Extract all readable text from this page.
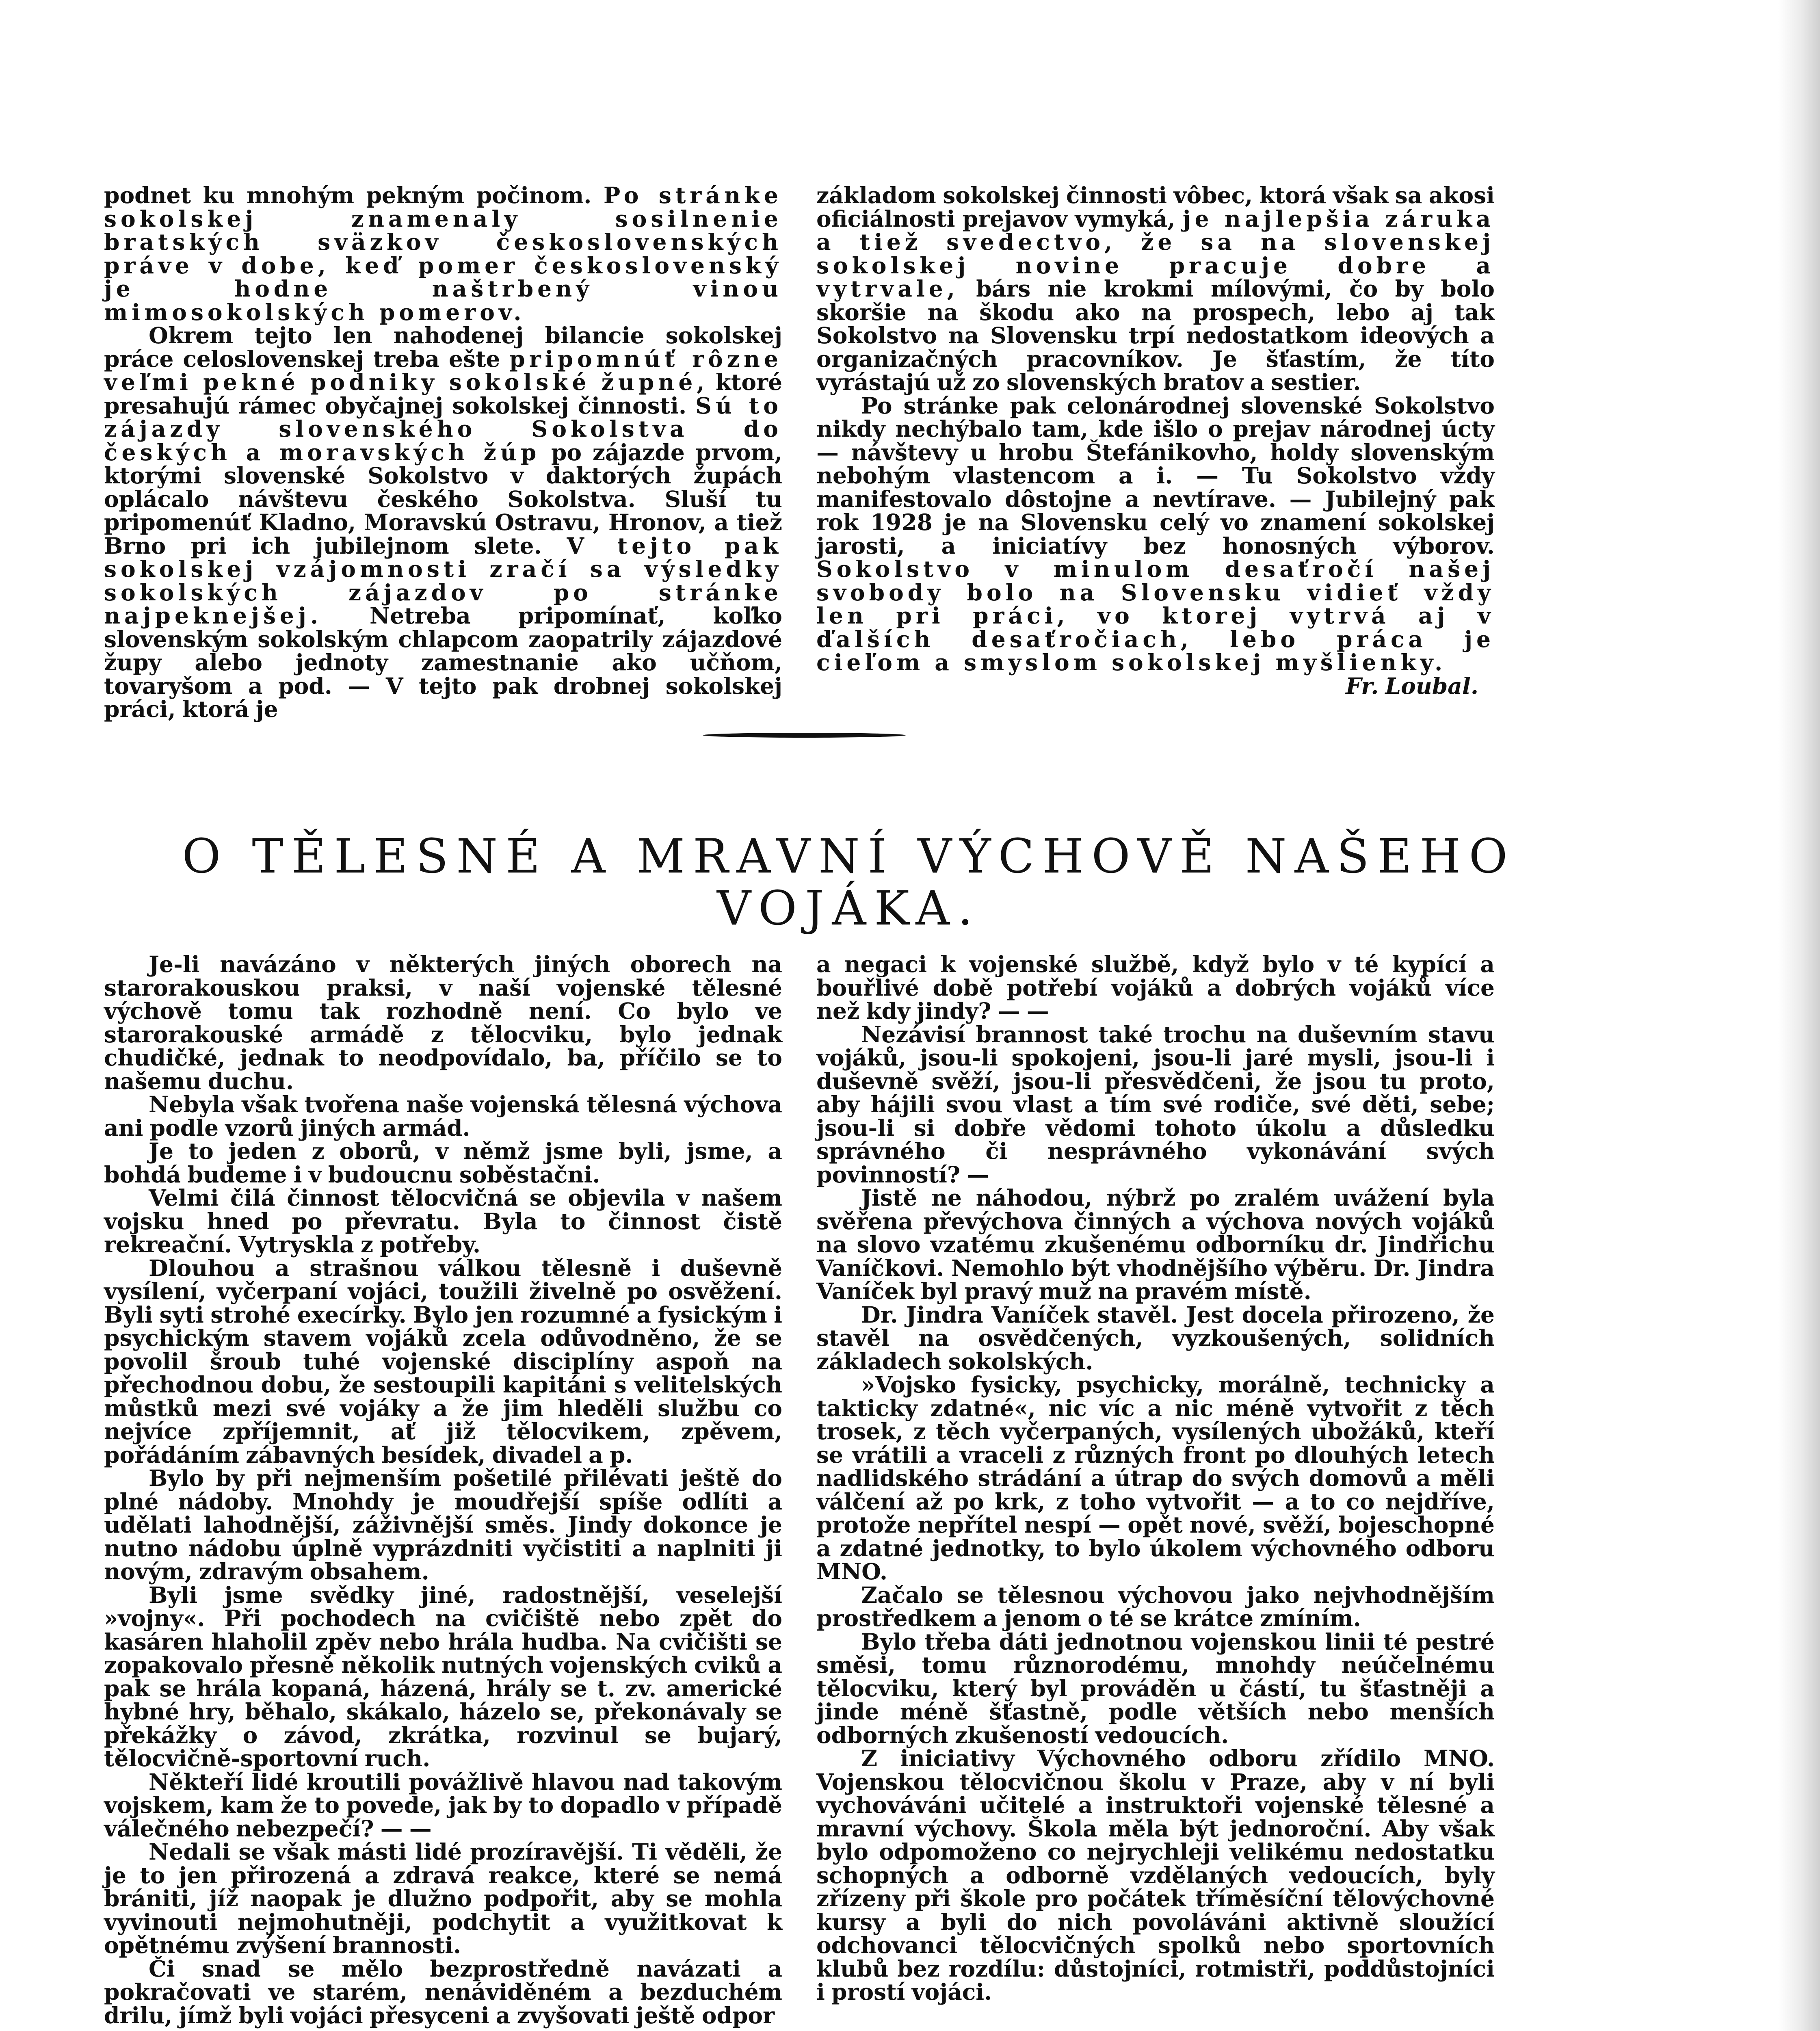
podnet ku mnohým pekným počinom. Po stránke sokolskej znamenaly sosilnenie bratských sväzkov československých práve v dobe, keď pomer československý je hodne naštrbený vinou mimosokolských pomerov.

Okrem tejto len nahodenej bilancie sokolskej práce celoslovenskej treba ešte pripomnúť rôzne veľmi pekné podniky sokolské župné, ktoré presahujú rámec obyčajnej sokolskej činnosti. Sú to zájazdy slovenského Sokolstva do českých a moravských žúp po zájazde prvom, ktorými slovenské Sokolstvo v daktorých župách oplácalo návštevu českého Sokolstva. Sluší tu pripomenúť Kladno, Moravskú Ostravu, Hronov, a tiež Brno pri ich jubilejnom slete. V tejto pak sokolskej vzájomnosti zračí sa výsledky sokolských zájazdov po stránke najpeknejšej. Netreba pripomínať, koľko slovenským sokolským chlapcom zaopatrily zájazdové župy alebo jednoty zamestnanie ako učňom, tovaryšom a pod. — V tejto pak drobnej sokolskej práci, ktorá je

základom sokolskej činnosti vôbec, ktorá však sa akosi oficiálnosti prejavov vymyká, je najlepšia záruka a tiež svedectvo, že sa na slovenskej sokolskej novine pracuje dobre a vytrvale, bárs nie krokmi mílovými, čo by bolo skoršie na škodu ako na prospech, lebo aj tak Sokolstvo na Slovensku trpí nedostatkom ideových a organizačných pracovníkov. Je šťastím, že títo vyrástajú už zo slovenských bratov a sestier.

Po stránke pak celonárodnej slovenské Sokolstvo nikdy nechýbalo tam, kde išlo o prejav národnej úcty — návštevy u hrobu Štefánikovho, holdy slovenským nebohým vlastencom a i. — Tu Sokolstvo vždy manifestovalo dôstojne a nevtírave. — Jubilejný pak rok 1928 je na Slovensku celý vo znamení sokolskej jarosti, a iniciatívy bez honosných výborov. Sokolstvo v minulom desaťročí našej svobody bolo na Slovensku vidieť vždy len pri práci, vo ktorej vytrvá aj v ďalších desaťročiach, lebo práca je cieľom a smyslom sokolskej myšlienky.

Fr. Loubal.

O TĚLESNÉ A MRAVNÍ VÝCHOVĚ NAŠEHO VOJÁKA.

Je-li navázáno v některých jiných oborech na starorakouskou praksi, v naší vojenské tělesné výchově tomu tak rozhodně není. Co bylo ve starorakouské armádě z tělocviku, bylo jednak chudičké, jednak to neodpovídalo, ba, příčilo se to našemu duchu.

Nebyla však tvořena naše vojenská tělesná výchova ani podle vzorů jiných armád.

Je to jeden z oborů, v němž jsme byli, jsme, a bohdá budeme i v budoucnu soběstačni.

Velmi čilá činnost tělocvičná se objevila v našem vojsku hned po převratu. Byla to činnost čistě rekreační. Vytryskla z potřeby.

Dlouhou a strašnou válkou tělesně i duševně vysílení, vyčerpaní vojáci, toužili živelně po osvěžení. Byli syti strohé execírky. Bylo jen rozumné a fysickým i psychickým stavem vojáků zcela odůvodněno, že se povolil šroub tuhé vojenské disciplíny aspoň na přechodnou dobu, že sestoupili kapitáni s velitelských můstků mezi své vojáky a že jim hleděli službu co nejvíce zpříjemnit, ať již tělocvikem, zpěvem, pořádáním zábavných besídek, divadel a p.

Bylo by při nejmenším pošetilé přilévati ještě do plné nádoby. Mnohdy je moudřejší spíše odlíti a udělati lahodnější, záživnější směs. Jindy dokonce je nutno nádobu úplně vyprázdniti vyčistiti a naplniti ji novým, zdravým obsahem.

Byli jsme svědky jiné, radostnější, veselejší »vojny«. Při pochodech na cvičiště nebo zpět do kasáren hlaholil zpěv nebo hrála hudba. Na cvičišti se zopakovalo přesně několik nutných vojenských cviků a pak se hrála kopaná, házená, hrály se t. zv. americké hybné hry, běhalo, skákalo, házelo se, překonávaly se překážky o závod, zkrátka, rozvinul se bujarý, tělocvičně-sportovní ruch.

Někteří lidé kroutili povážlivě hlavou nad takovým vojskem, kam že to povede, jak by to dopadlo v případě válečného nebezpečí? — —

Nedali se však másti lidé prozíravější. Ti věděli, že je to jen přirozená a zdravá reakce, které se nemá brániti, jíž naopak je dlužno podpořit, aby se mohla vyvinouti nejmohutněji, podchytit a využitkovat k opětnému zvýšení brannosti.

Či snad se mělo bezprostředně navázati a pokračovati ve starém, nenáviděném a bezduchém drilu, jímž byli vojáci přesyceni a zvyšovati ještě odpor

a negaci k vojenské službě, když bylo v té kypící a bouřlivé době potřebí vojáků a dobrých vojáků více než kdy jindy? — —

Nezávisí brannost také trochu na duševním stavu vojáků, jsou-li spokojeni, jsou-li jaré mysli, jsou-li i duševně svěží, jsou-li přesvědčeni, že jsou tu proto, aby hájili svou vlast a tím své rodiče, své děti, sebe; jsou-li si dobře vědomi tohoto úkolu a důsledku správného či nesprávného vykonávání svých povinností? —

Jistě ne náhodou, nýbrž po zralém uvážení byla svěřena převýchova činných a výchova nových vojáků na slovo vzatému zkušenému odborníku dr. Jindřichu Vaníčkovi. Nemohlo být vhodnějšího výběru. Dr. Jindra Vaníček byl pravý muž na pravém místě.

Dr. Jindra Vaníček stavěl. Jest docela přirozeno, že stavěl na osvědčených, vyzkoušených, solidních základech sokolských.

»Vojsko fysicky, psychicky, morálně, technicky a takticky zdatné«, nic víc a nic méně vytvořit z těch trosek, z těch vyčerpaných, vysílených ubožáků, kteří se vrátili a vraceli z různých front po dlouhých letech nadlidského strádání a útrap do svých domovů a měli válčení až po krk, z toho vytvořit — a to co nejdříve, protože nepřítel nespí — opět nové, svěží, bojeschopné a zdatné jednotky, to bylo úkolem výchovného odboru MNO.

Začalo se tělesnou výchovou jako nejvhodnějším prostředkem a jenom o té se krátce zmíním.

Bylo třeba dáti jednotnou vojenskou linii té pestré směsi, tomu různorodému, mnohdy neúčelnému tělocviku, který byl prováděn u částí, tu šťastněji a jinde méně šťastně, podle větších nebo menších odborných zkušeností vedoucích.

Z iniciativy Výchovného odboru zřídilo MNO. Vojenskou tělocvičnou školu v Praze, aby v ní byli vychováváni učitelé a instruktoři vojenské tělesné a mravní výchovy. Škola měla být jednoroční. Aby však bylo odpomoženo co nejrychleji velikému nedostatku schopných a odborně vzdělaných vedoucích, byly zřízeny při škole pro počátek tříměsíční tělovýchovné kursy a byli do nich povoláváni aktivně sloužící odchovanci tělocvičných spolků nebo sportovních klubů bez rozdílu: důstojníci, rotmistři, poddůstojníci i prostí vojáci.
